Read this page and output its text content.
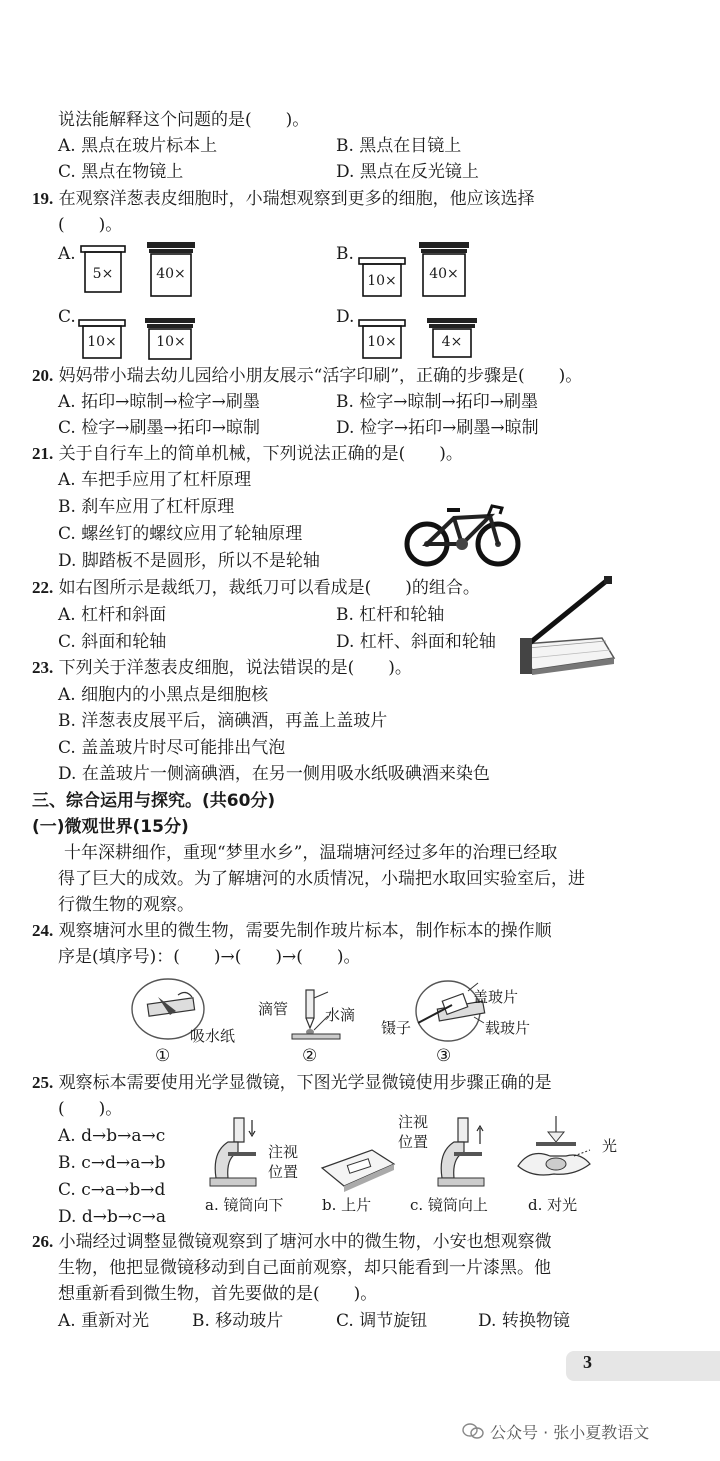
说法能解释这个问题的是(　　)。
A. 黑点在玻片标本上	B. 黑点在目镜上
C. 黑点在物镜上	D. 黑点在反光镜上
19. 在观察洋葱表皮细胞时，小瑞想观察到更多的细胞，他应该选择
(　　)。
A.	B.
C.	D.
5×	40×	10×	40×
10×	10×	10×	4×
20. 妈妈带小瑞去幼儿园给小朋友展示“活字印刷”，正确的步骤是(　　)。
A. 拓印→晾制→检字→刷墨	B. 检字→晾制→拓印→刷墨
C. 检字→刷墨→拓印→晾制	D. 检字→拓印→刷墨→晾制
21. 关于自行车上的简单机械，下列说法正确的是(　　)。
A. 车把手应用了杠杆原理
B. 刹车应用了杠杆原理
C. 螺丝钉的螺纹应用了轮轴原理
D. 脚踏板不是圆形，所以不是轮轴
22. 如右图所示是裁纸刀，裁纸刀可以看成是(　　)的组合。
A. 杠杆和斜面	B. 杠杆和轮轴
C. 斜面和轮轴	D. 杠杆、斜面和轮轴
23. 下列关于洋葱表皮细胞，说法错误的是(　　)。
A. 细胞内的小黑点是细胞核
B. 洋葱表皮展平后，滴碘酒，再盖上盖玻片
C. 盖盖玻片时尽可能排出气泡
D. 在盖玻片一侧滴碘酒，在另一侧用吸水纸吸碘酒来染色
三、综合运用与探究。(共60分)
(一)微观世界(15分)
十年深耕细作，重现“梦里水乡”，温瑞塘河经过多年的治理已经取
得了巨大的成效。为了解塘河的水质情况，小瑞把水取回实验室后，进
行微生物的观察。
24. 观察塘河水里的微生物，需要先制作玻片标本，制作标本的操作顺
序是(填序号)：(　　)→(　　)→(　　)。
吸水纸
①
滴管 水滴
②
盖玻片
镊子	载玻片
③
25. 观察标本需要使用光学显微镜，下图光学显微镜使用步骤正确的是
(　　)。
A. d→b→a→c
B. c→d→a→b
C. c→a→b→d
D. d→b→c→a
注视
位置
注视
位置	光
a. 镜筒向下	b. 上片	c. 镜筒向上	d. 对光
26. 小瑞经过调整显微镜观察到了塘河水中的微生物，小安也想观察微
生物，他把显微镜移动到自己面前观察，却只能看到一片漆黑。他
想重新看到微生物，首先要做的是(　　)。
A. 重新对光	B. 移动玻片	C. 调节旋钮	D. 转换物镜
3
公众号 · 张小夏教语文
